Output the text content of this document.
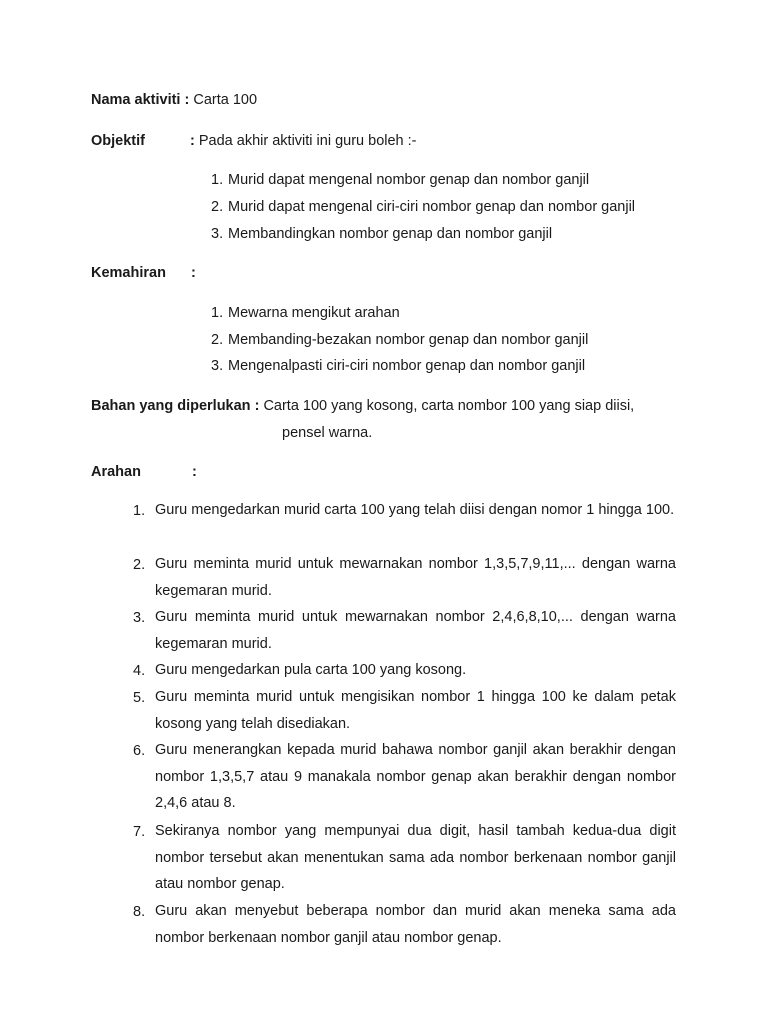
Nama aktiviti : Carta 100
Objektif	: Pada akhir aktiviti ini guru boleh :-
1. Murid dapat mengenal nombor genap dan nombor ganjil
2. Murid dapat mengenal ciri-ciri nombor genap dan nombor ganjil
3. Membandingkan nombor genap dan nombor ganjil
Kemahiran :
1. Mewarna mengikut arahan
2. Membanding-bezakan nombor genap dan nombor ganjil
3. Mengenalpasti ciri-ciri nombor genap dan nombor ganjil
Bahan yang diperlukan : Carta 100 yang kosong, carta nombor 100 yang siap diisi,
pensel warna.
Arahan	:
1. Guru mengedarkan murid carta 100 yang telah diisi dengan nomor 1 hingga 100.
2. Guru meminta murid untuk mewarnakan nombor 1,3,5,7,9,11,... dengan warna kegemaran murid.
3. Guru meminta murid untuk mewarnakan nombor 2,4,6,8,10,... dengan warna kegemaran murid.
4. Guru mengedarkan pula carta 100 yang kosong.
5. Guru meminta murid untuk mengisikan nombor 1 hingga 100 ke dalam petak kosong yang telah disediakan.
6. Guru menerangkan kepada murid bahawa nombor ganjil akan berakhir dengan nombor 1,3,5,7 atau 9 manakala nombor genap akan berakhir dengan nombor 2,4,6 atau 8.
7. Sekiranya nombor yang mempunyai dua digit, hasil tambah kedua-dua digit nombor tersebut akan menentukan sama ada nombor berkenaan nombor ganjil atau nombor genap.
8. Guru akan menyebut beberapa nombor dan murid akan meneka sama ada nombor berkenaan nombor ganjil atau nombor genap.
